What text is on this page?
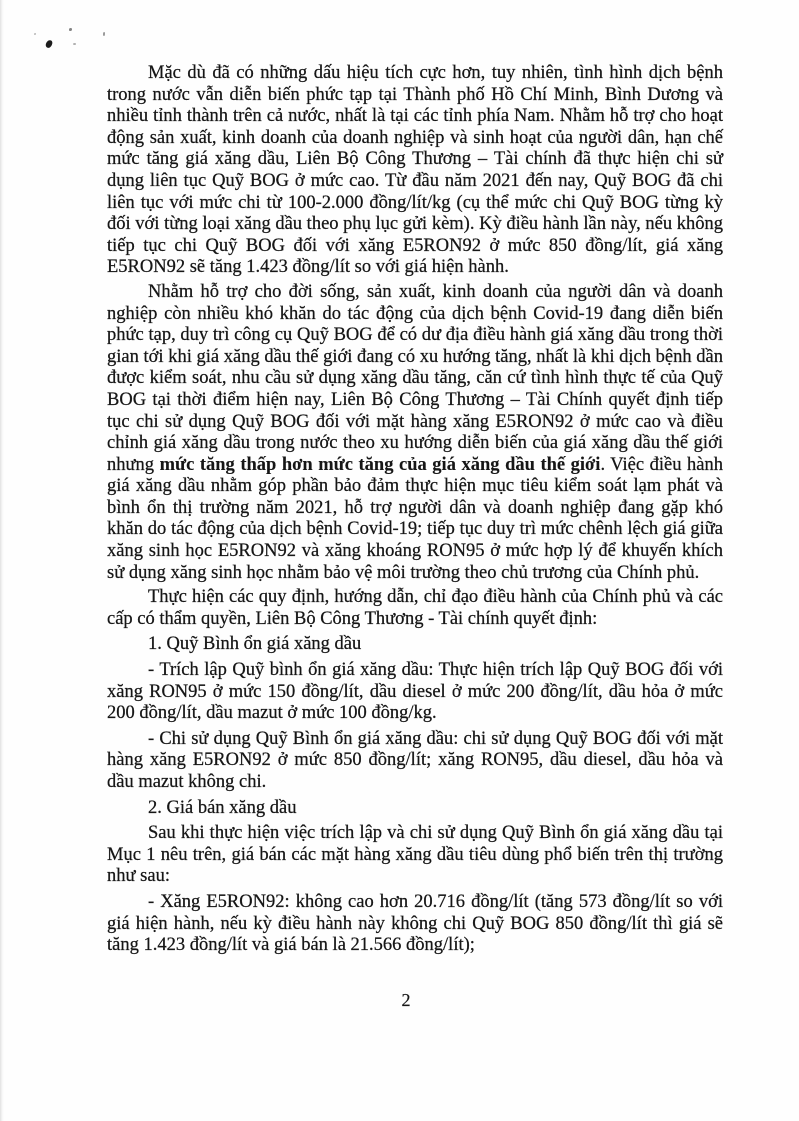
Mặc dù đã có những dấu hiệu tích cực hơn, tuy nhiên, tình hình dịch bệnh trong nước vẫn diễn biến phức tạp tại Thành phố Hồ Chí Minh, Bình Dương và nhiều tỉnh thành trên cả nước, nhất là tại các tỉnh phía Nam. Nhằm hỗ trợ cho hoạt động sản xuất, kinh doanh của doanh nghiệp và sinh hoạt của người dân, hạn chế mức tăng giá xăng dầu, Liên Bộ Công Thương – Tài chính đã thực hiện chi sử dụng liên tục Quỹ BOG ở mức cao. Từ đầu năm 2021 đến nay, Quỹ BOG đã chi liên tục với mức chi từ 100-2.000 đồng/lít/kg (cụ thể mức chi Quỹ BOG từng kỳ đối với từng loại xăng dầu theo phụ lục gửi kèm). Kỳ điều hành lần này, nếu không tiếp tục chi Quỹ BOG đối với xăng E5RON92 ở mức 850 đồng/lít, giá xăng E5RON92 sẽ tăng 1.423 đồng/lít so với giá hiện hành.

Nhằm hỗ trợ cho đời sống, sản xuất, kinh doanh của người dân và doanh nghiệp còn nhiều khó khăn do tác động của dịch bệnh Covid-19 đang diễn biến phức tạp, duy trì công cụ Quỹ BOG để có dư địa điều hành giá xăng dầu trong thời gian tới khi giá xăng dầu thế giới đang có xu hướng tăng, nhất là khi dịch bệnh dần được kiểm soát, nhu cầu sử dụng xăng dầu tăng, căn cứ tình hình thực tế của Quỹ BOG tại thời điểm hiện nay, Liên Bộ Công Thương – Tài Chính quyết định tiếp tục chi sử dụng Quỹ BOG đối với mặt hàng xăng E5RON92 ở mức cao và điều chỉnh giá xăng dầu trong nước theo xu hướng diễn biến của giá xăng dầu thế giới nhưng mức tăng thấp hơn mức tăng của giá xăng dầu thế giới. Việc điều hành giá xăng dầu nhằm góp phần bảo đảm thực hiện mục tiêu kiểm soát lạm phát và bình ổn thị trường năm 2021, hỗ trợ người dân và doanh nghiệp đang gặp khó khăn do tác động của dịch bệnh Covid-19; tiếp tục duy trì mức chênh lệch giá giữa xăng sinh học E5RON92 và xăng khoáng RON95 ở mức hợp lý để khuyến khích sử dụng xăng sinh học nhằm bảo vệ môi trường theo chủ trương của Chính phủ.

Thực hiện các quy định, hướng dẫn, chỉ đạo điều hành của Chính phủ và các cấp có thẩm quyền, Liên Bộ Công Thương - Tài chính quyết định:

1. Quỹ Bình ổn giá xăng dầu

- Trích lập Quỹ bình ổn giá xăng dầu: Thực hiện trích lập Quỹ BOG đối với xăng RON95 ở mức 150 đồng/lít, dầu diesel ở mức 200 đồng/lít, dầu hỏa ở mức 200 đồng/lít, dầu mazut ở mức 100 đồng/kg.

- Chi sử dụng Quỹ Bình ổn giá xăng dầu: chi sử dụng Quỹ BOG đối với mặt hàng xăng E5RON92 ở mức 850 đồng/lít; xăng RON95, dầu diesel, dầu hỏa và dầu mazut không chi.

2. Giá bán xăng dầu

Sau khi thực hiện việc trích lập và chi sử dụng Quỹ Bình ổn giá xăng dầu tại Mục 1 nêu trên, giá bán các mặt hàng xăng dầu tiêu dùng phổ biến trên thị trường như sau:

- Xăng E5RON92: không cao hơn 20.716 đồng/lít (tăng 573 đồng/lít so với giá hiện hành, nếu kỳ điều hành này không chi Quỹ BOG 850 đồng/lít thì giá sẽ tăng 1.423 đồng/lít và giá bán là 21.566 đồng/lít);

2
